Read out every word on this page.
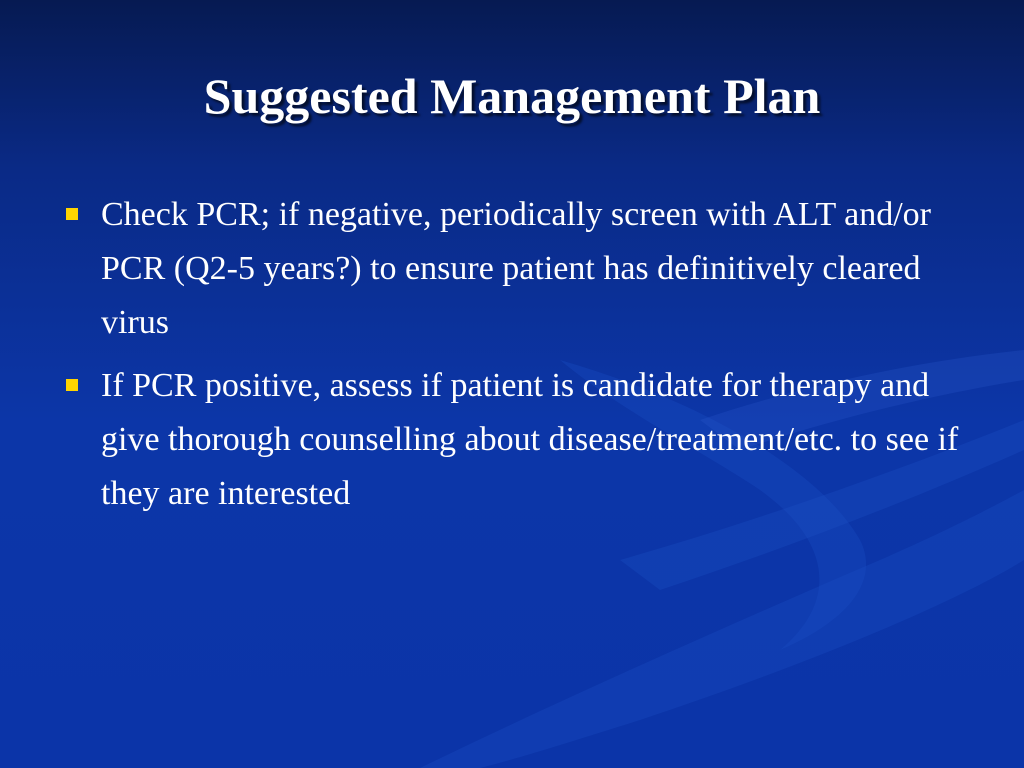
Suggested Management Plan
Check PCR; if negative, periodically screen with ALT and/or PCR (Q2-5 years?) to ensure patient has definitively cleared virus
If PCR positive, assess if patient is candidate for therapy and give thorough counselling about disease/treatment/etc. to see if they are interested
